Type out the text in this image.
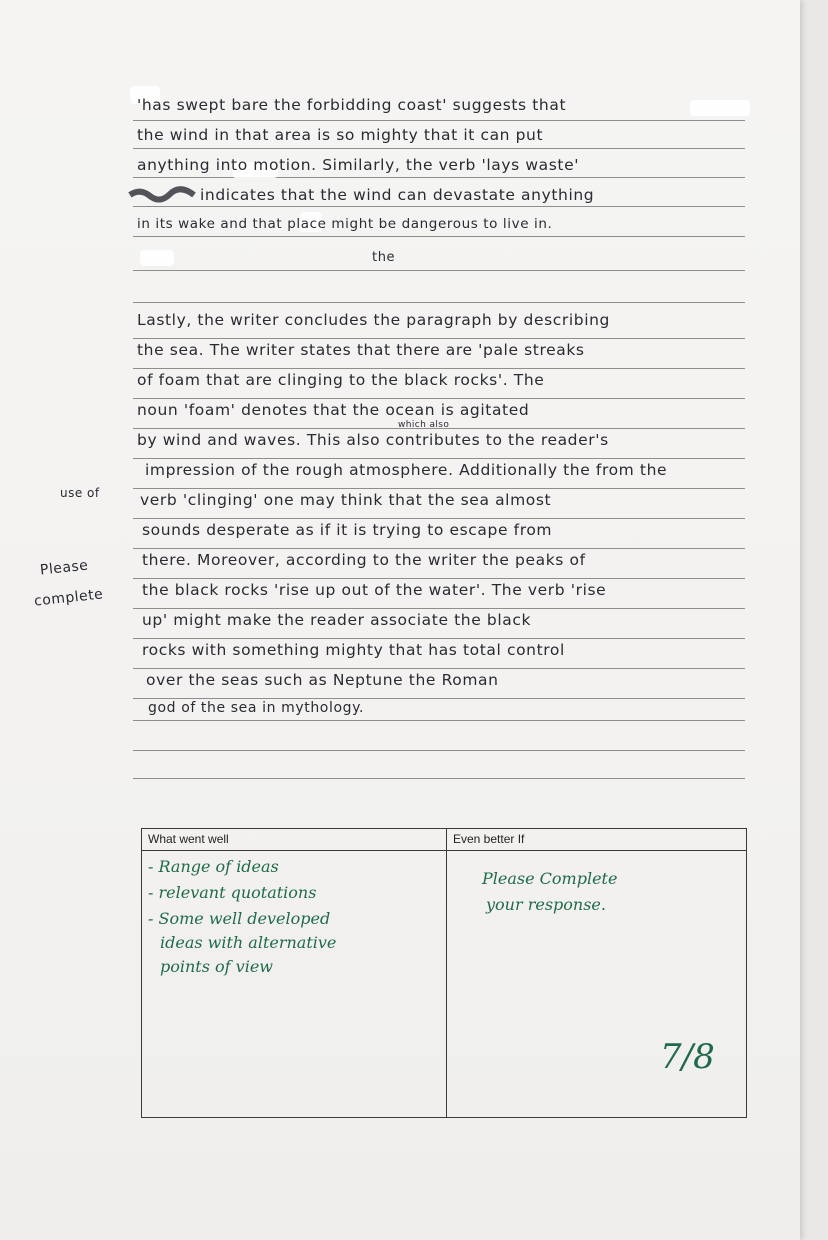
'has swept bare the forbidding coast' suggests that
the wind in that area is so mighty that it can put
anything into motion. Similarly, the verb 'lays waste'
indicates that the wind can devastate anything
in its wake and that place might be dangerous to live in.
the
Lastly, the writer concludes the paragraph by describing
the sea. The writer states that there are 'pale streaks
of foam that are clinging to the black rocks'. The
noun 'foam' denotes that the ocean is agitated
by wind and waves. This also contributes to the reader's
impression of the rough atmosphere. Additionally the from the
verb 'clinging' one may think that the sea almost
sounds desperate as if it is trying to escape from
there. Moreover, according to the writer the peaks of
the black rocks 'rise up out of the water'. The verb 'rise
up' might make the reader associate the black
rocks with something mighty that has total control
over the seas such as Neptune the Roman
god of the sea in mythology.
which also
use of
Please
complete
What went well	Even better If
- Range of ideas
- relevant quotations
- Some well developed
ideas with alternative
points of view
Please Complete
your response.
7/8
